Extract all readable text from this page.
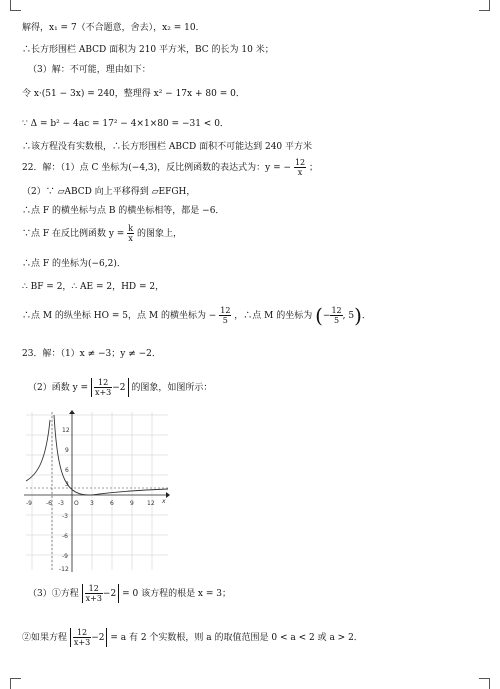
解得，x₁ = 7（不合题意，舍去），x₂ = 10．
∴长方形围栏 ABCD 面积为 210 平方米，BC 的长为 10 米；
（3）解：不可能，理由如下：
令 x·(51 − 3x) = 240，整理得 x² − 17x + 80 = 0．
∵ Δ = b² − 4ac = 17² − 4×1×80 = −31 < 0．
∴该方程没有实数根，∴长方形围栏 ABCD 面积不可能达到 240 平方米
22．解：（1）点 C 坐标为(−4,3)，反比例函数的表达式为：y = − $\frac{12}{x}$ ；
（2）∵ ▱ABCD 向上平移得到 ▱EFGH，
∴点 F 的横坐标与点 B 的横坐标相等，都是 −6．
∵点 F 在反比例函数 $y = \frac{k}{x}$ 的图象上，
∴点 F 的坐标为(−6,2)．
∴ BF = 2，∴ AE = 2，HD = 2，
∴点 M 的纵坐标 HO = 5，点 M 的横坐标为 − $\frac{12}{5}$ ，∴点 M 的坐标为 (− $\frac{12}{5}$ , 5)．
23．解：（1）x ≠ −3；y ≠ −2．
（2）函数 $y = \frac{12}{x+3} -2$ 的图象，如图所示：
-9 -6 -3 O 3	6	9 12 x
12
9
6
3
-3
-6
-9
-12
（3）①方程 $\frac{12}{x+3} -2 = 0$ 该方程的根是 x = 3；
②如果方程 $\frac{12}{x+3} -2 = a$ 有 2 个实数根，则 a 的取值范围是 0 < a < 2 或 a > 2．
